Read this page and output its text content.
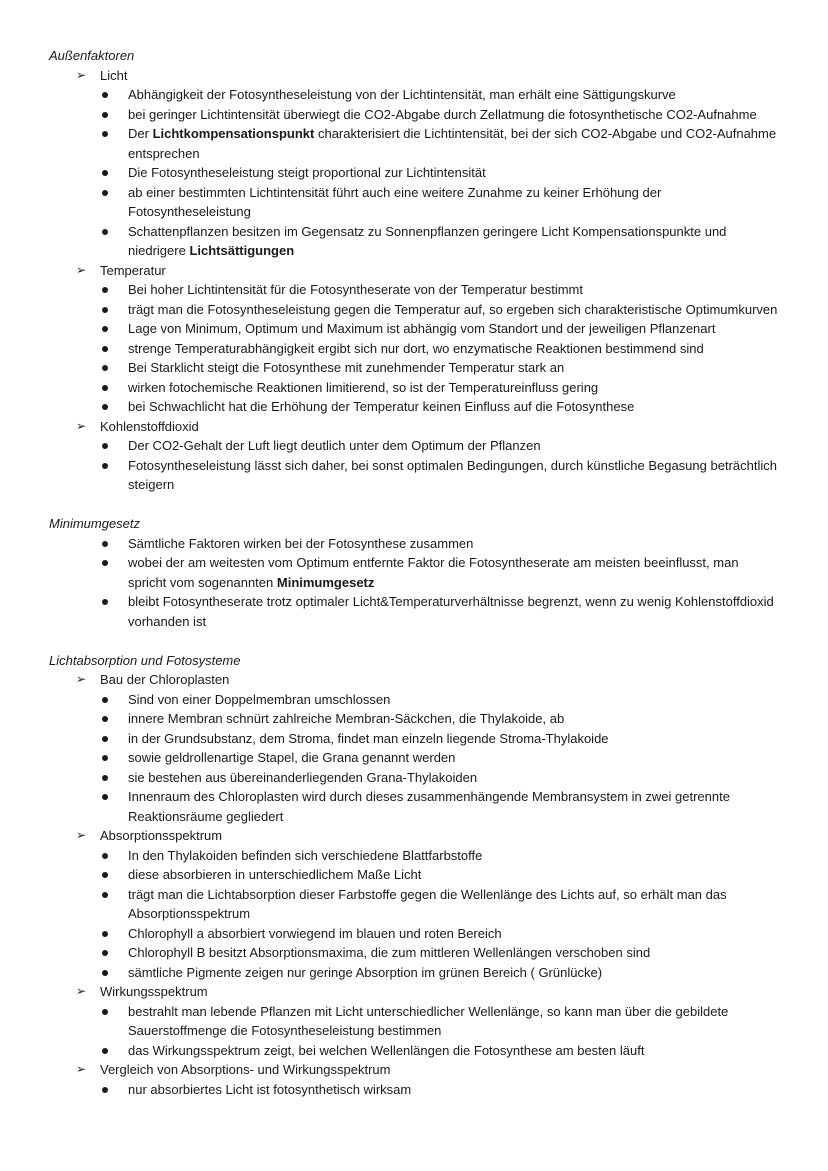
Außenfaktoren
➢ Licht
Abhängigkeit der Fotosyntheseleistung von der Lichtintensität, man erhält eine Sättigungskurve
bei geringer Lichtintensität überwiegt die CO2-Abgabe durch Zellatmung die fotosynthetische CO2-Aufnahme
Der Lichtkompensationspunkt charakterisiert die Lichtintensität, bei der sich CO2-Abgabe und CO2-Aufnahme entsprechen
Die Fotosyntheseleistung steigt proportional zur Lichtintensität
ab einer bestimmten Lichtintensität führt auch eine weitere Zunahme zu keiner Erhöhung der Fotosyntheseleistung
Schattenpflanzen besitzen im Gegensatz zu Sonnenpflanzen geringere Licht Kompensationspunkte und niedrigere Lichtsättigungen
➢ Temperatur
Bei hoher Lichtintensität für die Fotosyntheserate von der Temperatur bestimmt
trägt man die Fotosyntheseleistung gegen die Temperatur auf, so ergeben sich charakteristische Optimumkurven
Lage von Minimum, Optimum und Maximum ist abhängig vom Standort und der jeweiligen Pflanzenart
strenge Temperaturabhängigkeit ergibt sich nur dort, wo enzymatische Reaktionen bestimmend sind
Bei Starklicht steigt die Fotosynthese mit zunehmender Temperatur stark an
wirken fotochemische Reaktionen limitierend, so ist der Temperatureinfluss gering
bei Schwachlicht hat die Erhöhung der Temperatur keinen Einfluss auf die Fotosynthese
➢ Kohlenstoffdioxid
Der CO2-Gehalt der Luft liegt deutlich unter dem Optimum der Pflanzen
Fotosyntheseleistung lässt sich daher, bei sonst optimalen Bedingungen, durch künstliche Begasung beträchtlich steigern
Minimumgesetz
Sämtliche Faktoren wirken bei der Fotosynthese zusammen
wobei der am weitesten vom Optimum entfernte Faktor die Fotosyntheserate am meisten beeinflusst, man spricht vom sogenannten Minimumgesetz
bleibt Fotosyntheserate trotz optimaler Licht&Temperaturverhältnisse begrenzt, wenn zu wenig Kohlenstoffdioxid vorhanden ist
Lichtabsorption und Fotosysteme
➢ Bau der Chloroplasten
Sind von einer Doppelmembran umschlossen
innere Membran schnürt zahlreiche Membran-Säckchen, die Thylakoide, ab
in der Grundsubstanz, dem Stroma, findet man einzeln liegende Stroma-Thylakoide
sowie geldrollenartige Stapel, die Grana genannt werden
sie bestehen aus übereinanderliegenden Grana-Thylakoiden
Innenraum des Chloroplasten wird durch dieses zusammenhängende Membransystem in zwei getrennte Reaktionsräume gegliedert
➢ Absorptionsspektrum
In den Thylakoiden befinden sich verschiedene Blattfarbstoffe
diese absorbieren in unterschiedlichem Maße Licht
trägt man die Lichtabsorption dieser Farbstoffe gegen die Wellenlänge des Lichts auf, so erhält man das Absorptionsspektrum
Chlorophyll a absorbiert vorwiegend im blauen und roten Bereich
Chlorophyll B besitzt Absorptionsmaxima, die zum mittleren Wellenlängen verschoben sind
sämtliche Pigmente zeigen nur geringe Absorption im grünen Bereich ( Grünlücke)
➢ Wirkungsspektrum
bestrahlt man lebende Pflanzen mit Licht unterschiedlicher Wellenlänge, so kann man über die gebildete Sauerstoffmenge die Fotosyntheseleistung bestimmen
das Wirkungsspektrum zeigt, bei welchen Wellenlängen die Fotosynthese am besten läuft
➢ Vergleich von Absorptions- und Wirkungsspektrum
nur absorbiertes Licht ist fotosynthetisch wirksam
